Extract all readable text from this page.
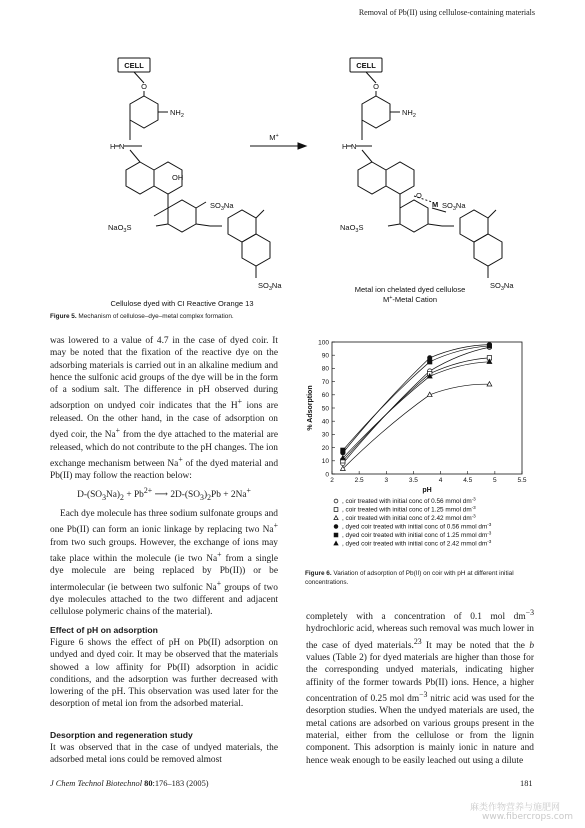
Removal of Pb(II) using cellulose-containing materials
CELL
O
$NH_2$
H N
OH
NaO$_3$S
$SO_3Na$
$SO_3Na$
Cellulose dyed with CI Reactive Orange 13
M+
CELL
O
$NH_2$
H N
O
M
NaO$_3$S
$SO_3Na$
$SO_3Na$
Metal ion chelated dyed cellulose
M+-Metal Cation
Figure 5. Mechanism of cellulose–dye–metal complex formation.

was lowered to a value of 4.7 in the case of dyed coir. It may be noted that the fixation of the reactive dye on the adsorbing materials is carried out in an alkaline medium and hence the sulfonic acid groups of the dye will be in the form of a sodium salt. The difference in pH observed during adsorption on undyed coir indicates that the H+ ions are released. On the other hand, in the case of adsorption on dyed coir, the Na+ from the dye attached to the material are released, which do not contribute to the pH changes. The ion exchange mechanism between Na+ of the dyed material and Pb(II) may follow the reaction below:

$D-(SO_3Na)_2 + Pb^{2+}$ ⟶ $2D-(SO_3)_2Pb + 2Na^+$

Each dye molecule has three sodium sulfonate groups and one Pb(II) can form an ionic linkage by replacing two Na+ from two such groups. However, the exchange of ions may take place within the molecule (ie two Na+ from a single dye molecule are being replaced by Pb(II)) or be intermolecular (ie between two sulfonic Na+ groups of two dye molecules attached to the two different and adjacent cellulose polymeric chains of the material).

Effect of pH on adsorption

Figure 6 shows the effect of pH on Pb(II) adsorption on undyed and dyed coir. It may be observed that the materials showed a low affinity for Pb(II) adsorption in acidic conditions, and the adsorption was further decreased with lowering of the pH. This observation was used later for the desorption of metal ion from the adsorbed material.

Desorption and regeneration study

It was observed that in the case of undyed materials, the adsorbed metal ions could be removed almost

0
10
20
30
40
50
60
70
80
90
100
2	2.5	3	3.5	4	4.5	5	5.5
pH
% Adsorption
, coir treated with initial conc of 0.56 mmol $dm^{-3}$
, coir treated with initial conc of 1.25 mmol $dm^{-3}$
, coir treated with initial conc of 2.42 mmol $dm^{-3}$
, dyed coir treated with initial conc of 0.56 mmol $dm^{-3}$
, dyed coir treated with initial conc of 1.25 mmol $dm^{-3}$
, dyed coir treated with initial conc of 2.42 mmol $dm^{-3}$
Figure 6. Variation of adsorption of Pb(II) on coir with pH at different initial concentrations.

completely with a concentration of 0.1 mol $dm^{-3}$ hydrochloric acid, whereas such removal was much lower in the case of dyed materials.$^{23}$ It may be noted that the b values (Table 2) for dyed materials are higher than those for the corresponding undyed materials, indicating higher affinity of the former towards Pb(II) ions. Hence, a higher concentration of 0.25 mol $dm^{-3}$ nitric acid was used for the desorption studies. When the undyed materials are used, the metal cations are adsorbed on various groups present in the material, either from the cellulose or from the lignin component. This adsorption is mainly ionic in nature and hence weak enough to be easily leached out using a dilute

J Chem Technol Biotechnol 80:176–183 (2005)	181
麻类作物营养与施肥网
www.fibercrops.com
